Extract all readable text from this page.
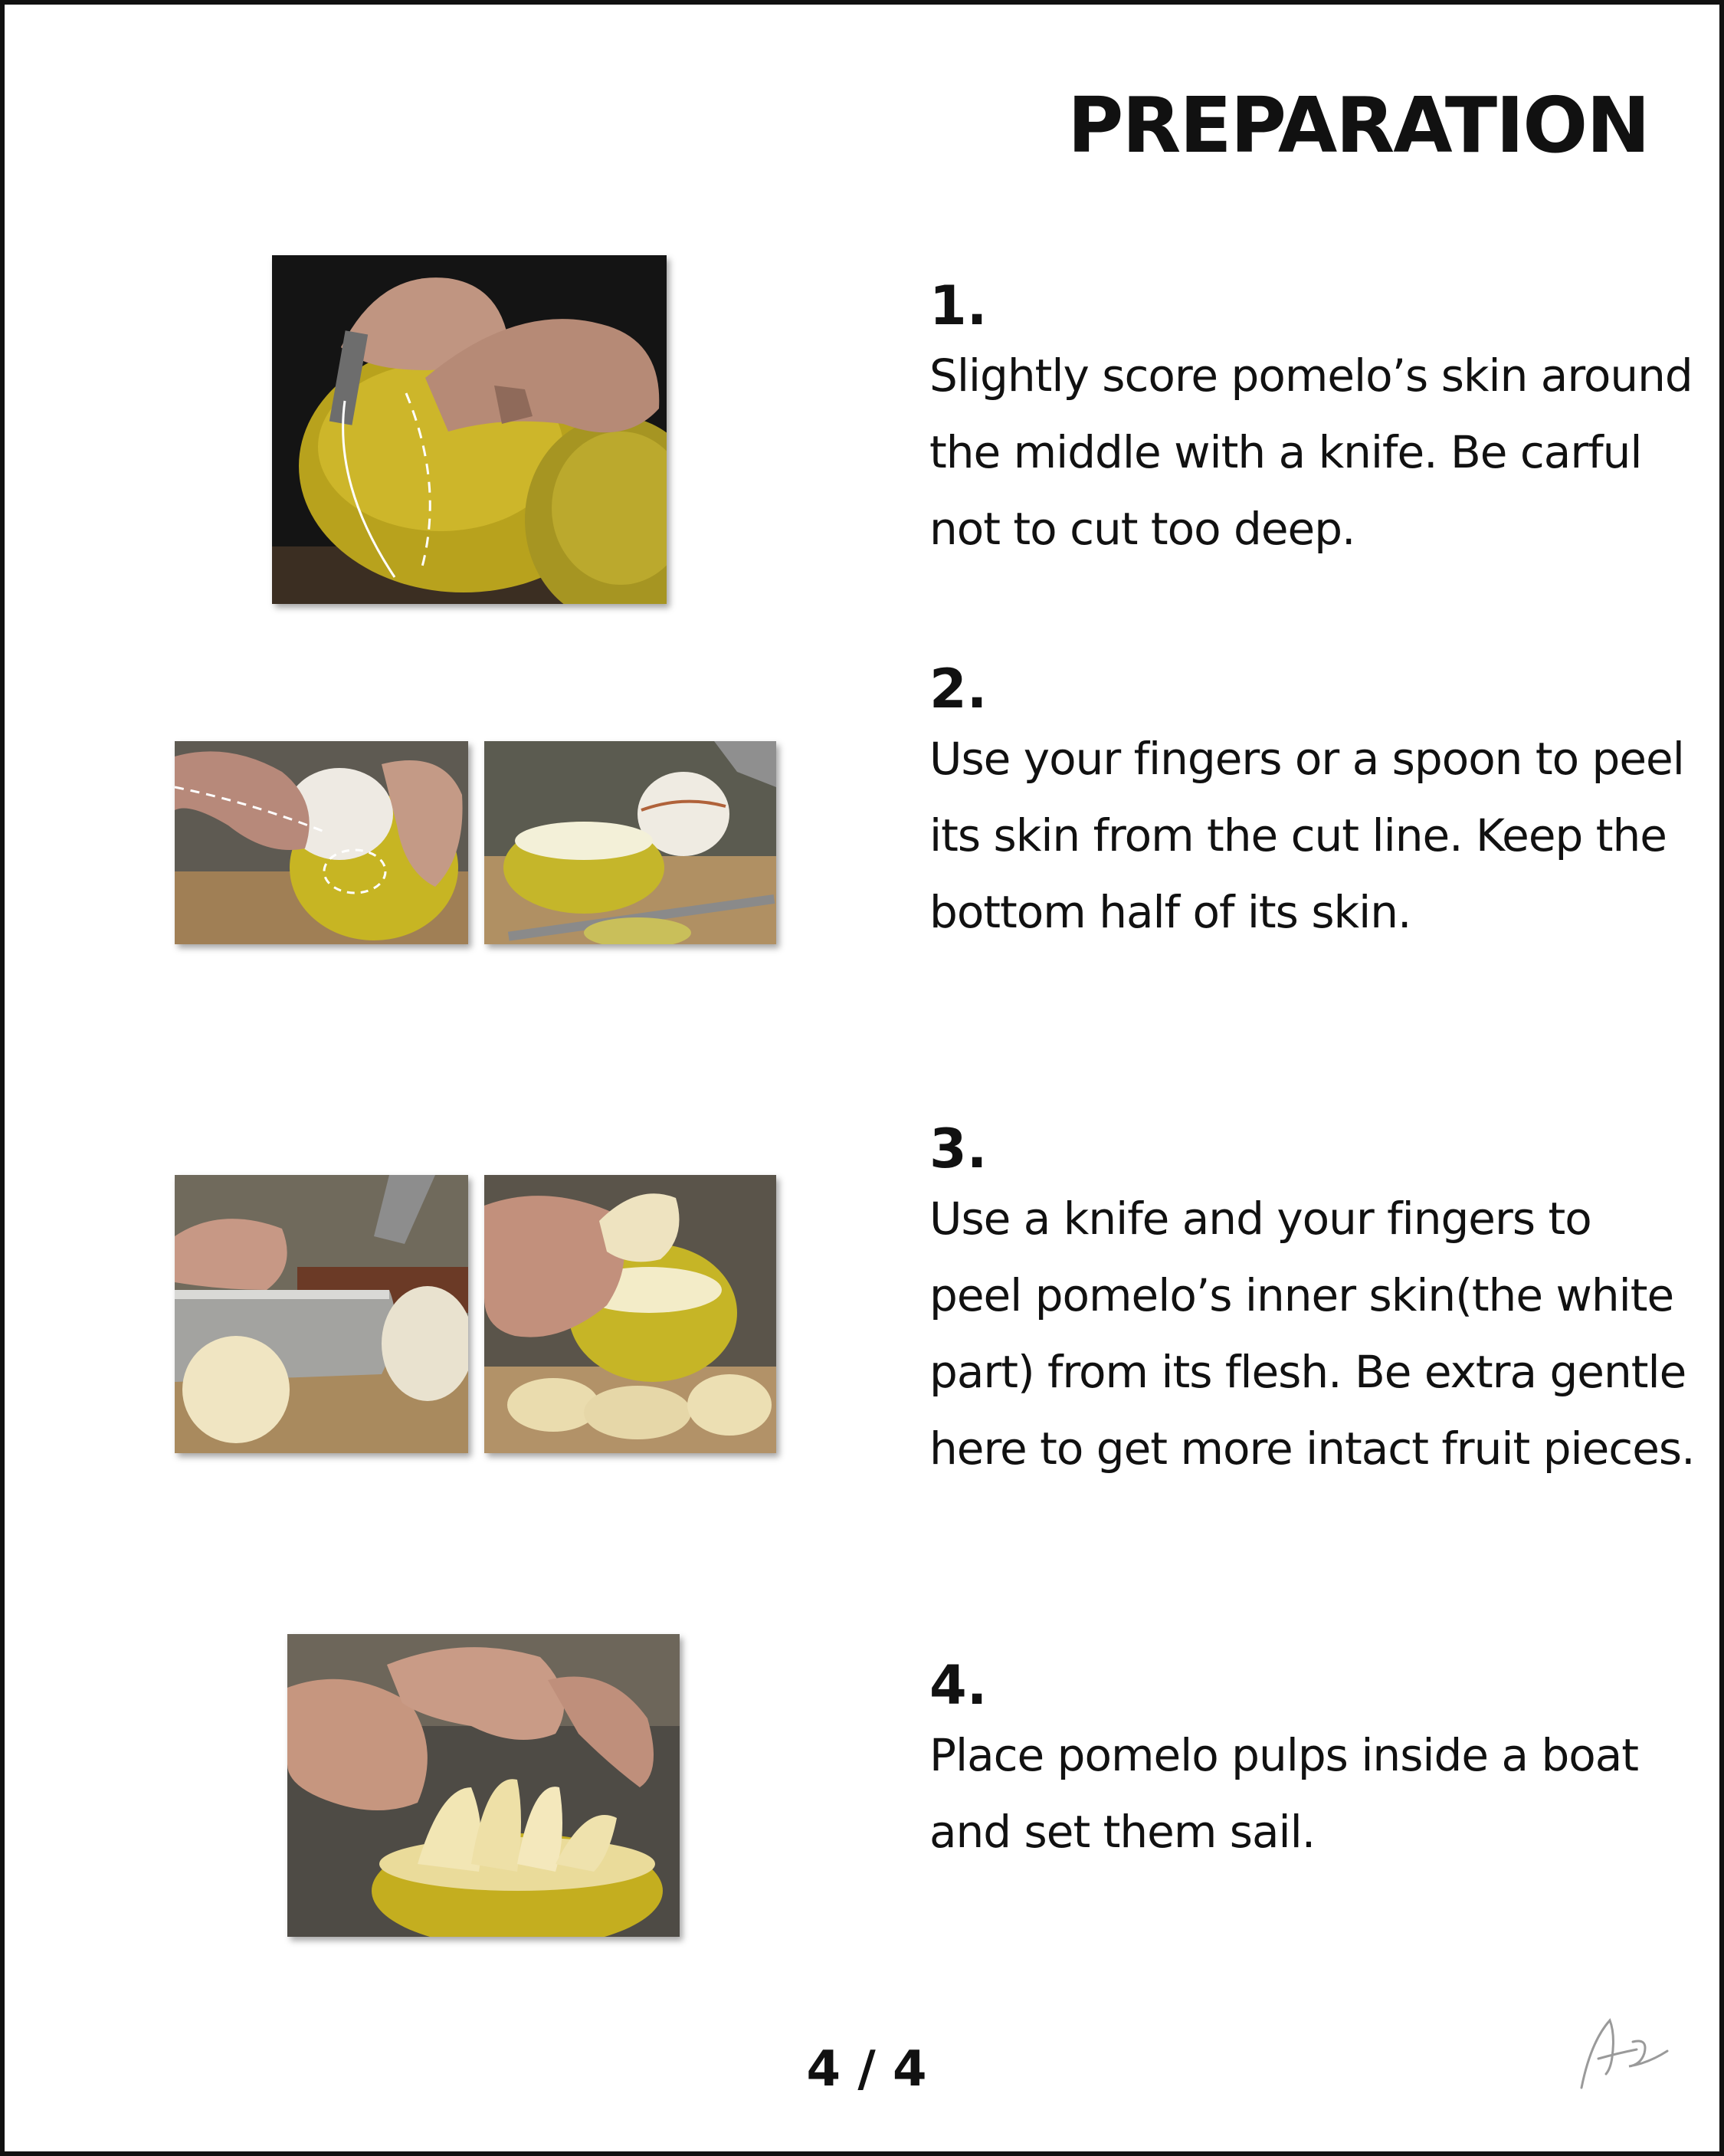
PREPARATION

1.

Slightly score pomelo’s skin around the middle with a knife. Be carful not to cut too deep.

2.

Use your fingers or a spoon to peel its skin from the cut line. Keep the bottom half of its skin.

3.

Use a knife and your fingers to peel pomelo’s inner skin(the white part) from its flesh. Be extra gentle here to get more intact fruit pieces.

4.

Place pomelo pulps inside a boat and set them sail.

4 / 4
